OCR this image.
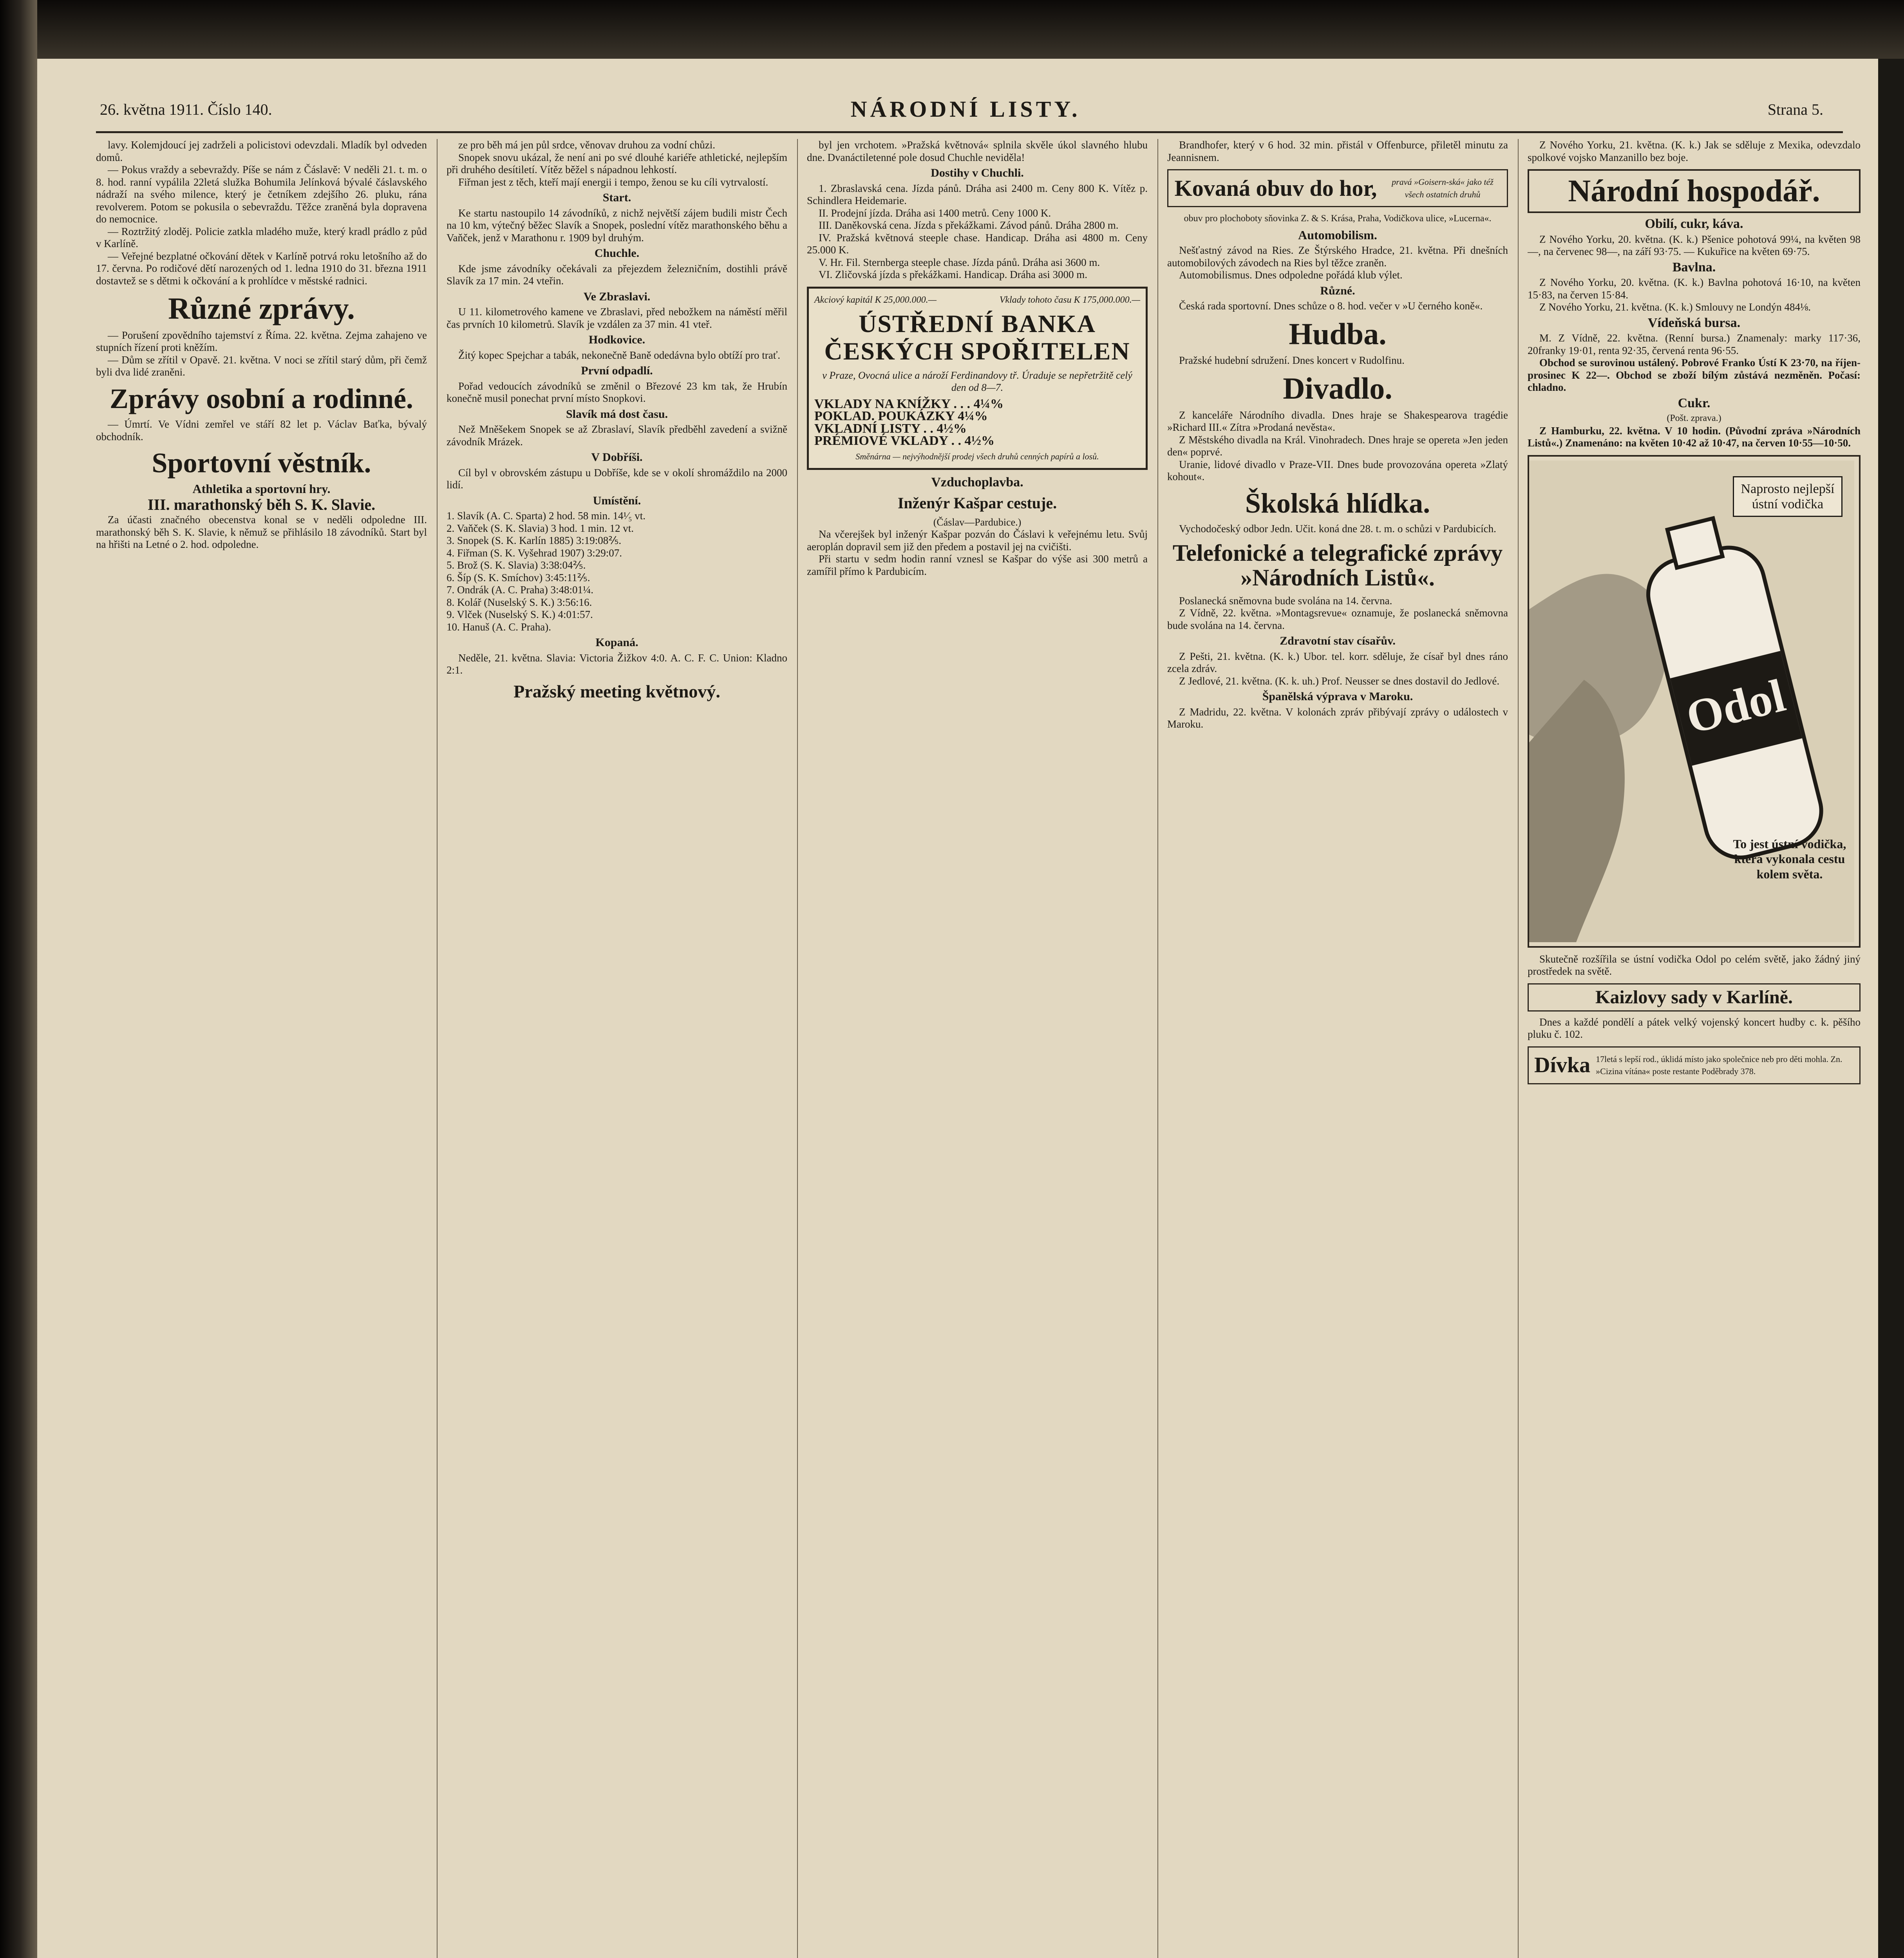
26. května 1911. Číslo 140.	NÁRODNÍ LISTY.	Strana 5.

lavy. Kolemjdoucí jej zadrželi a policistovi odevzdali. Mladík byl odveden domů.

— Pokus vraždy a sebevraždy. Píše se nám z Čáslavě: V neděli 21. t. m. o 8. hod. ranní vypálila 22letá služka Bohumila Jelínková bývalé čáslavského nádraží na svého milence, který je četníkem zdejšího 26. pluku, rána revolverem. Potom se pokusila o sebevraždu. Těžce zraněná byla dopravena do nemocnice.

— Roztržitý zloděj. Policie zatkla mladého muže, který kradl prádlo z půd v Karlíně.

— Veřejné bezplatné očkování dětek v Karlíně potrvá roku letošního až do 17. června. Po rodičové dětí narozených od 1. ledna 1910 do 31. března 1911 dostavtež se s dětmi k očkování a k prohlídce v městské radnici.

Různé zprávy.

— Porušení zpovědního tajemství z Říma. 22. května. Zejma zahajeno ve stupních řízení proti kněžím.

— Dům se zřítil v Opavě. 21. května. V noci se zřítil starý dům, při čemž byli dva lidé zraněni.

Zprávy osobní a rodinné.

— Úmrtí. Ve Vídni zemřel ve stáří 82 let p. Václav Baťka, bývalý obchodník.

Sportovní věstník.
Athletika a sportovní hry.
III. marathonský běh S. K. Slavie.

Za účasti značného obecenstva konal se v neděli odpoledne III. marathonský běh S. K. Slavie, k němuž se přihlásilo 18 závodníků. Start byl na hřišti na Letné o 2. hod. odpoledne.

ze pro běh má jen půl srdce, věnovav druhou za vodní chůzi.

Snopek snovu ukázal, že není ani po své dlouhé kariéře athletické, nejlepším při druhého desítiletí. Vítěz běžel s nápadnou lehkostí.

Fiřman jest z těch, kteří mají energii i tempo, ženou se ku cíli vytrvalostí.

Start.

Ke startu nastoupilo 14 závodníků, z nichž největší zájem budili mistr Čech na 10 km, výtečný běžec Slavík a Snopek, poslední vítěz marathonského běhu a Vaňček, jenž v Marathonu r. 1909 byl druhým.

Chuchle.

Kde jsme závodníky očekávali za přejezdem železničním, dostihli právě Slavík za 17 min. 24 vteřin.

Ve Zbraslavi.

U 11. kilometrového kamene ve Zbraslavi, před nebožkem na náměstí měřil čas prvních 10 kilometrů. Slavík je vzdálen za 37 min. 41 vteř.

Hodkovice.

Žitý kopec Spejchar a tabák, nekonečně Baně odedávna bylo obtíží pro trať.

První odpadlí.

Pořad vedoucích závodníků se změnil o Březové 23 km tak, že Hrubín konečně musil ponechat první místo Snopkovi.

Slavík má dost času.

Než Mněšekem Snopek se až Zbraslaví, Slavík předběhl zavedení a svižně závodník Mrázek.

V Dobříši.

Cíl byl v obrovském zástupu u Dobříše, kde se v okolí shromáždilo na 2000 lidí.

Umístění.
1. Slavík (A. C. Sparta) 2 hod. 58 min. 14¹⁄₅ vt.
2. Vaňček (S. K. Slavia) 3 hod. 1 min. 12 vt.
3. Snopek (S. K. Karlín 1885) 3:19:08⅖.
4. Fiřman (S. K. Vyšehrad 1907) 3:29:07.
5. Brož (S. K. Slavia) 3:38:04⅖.
6. Šíp (S. K. Smíchov) 3:45:11⅖.
7. Ondrák (A. C. Praha) 3:48:01¼.
8. Kolář (Nuselský S. K.) 3:56:16.
9. Vlček (Nuselský S. K.) 4:01:57.
10. Hanuš (A. C. Praha).
Kopaná.

Neděle, 21. května. Slavia: Victoria Žižkov 4:0. A. C. F. C. Union: Kladno 2:1.

Pražský meeting květnový.

byl jen vrchotem. »Pražská květnová« splnila skvěle úkol slavného hlubu dne. Dvanáctiletenné pole dosud Chuchle neviděla!

Dostihy v Chuchli.

1. Zbraslavská cena. Jízda pánů. Dráha asi 2400 m. Ceny 800 K. Vítěz p. Schindlera Heidemarie.

II. Prodejní jízda. Dráha asi 1400 metrů. Ceny 1000 K.

III. Daněkovská cena. Jízda s překážkami. Závod pánů. Dráha 2800 m.

IV. Pražská květnová steeple chase. Handicap. Dráha asi 4800 m. Ceny 25.000 K.

V. Hr. Fil. Sternberga steeple chase. Jízda pánů. Dráha asi 3600 m.

VI. Zličovská jízda s překážkami. Handicap. Dráha asi 3000 m.

Akciový kapitál K 25,000.000.—	Vklady tohoto času K 175,000.000.—
ÚSTŘEDNÍ BANKA ČESKÝCH SPOŘITELEN
v Praze, Ovocná ulice a nároží Ferdinandovy tř. Úraduje se nepřetržitě celý den od 8—7.
VKLADY NA KNÍŽKY . . . 4¼%
POKLAD. POUKÁZKY 4¼%
VKLADNÍ LISTY . . 4½%
PRÉMIOVÉ VKLADY . . 4½%
Směnárna — nejvýhodnější prodej všech druhů cenných papírů a losů.
Vzduchoplavba.
Inženýr Kašpar cestuje.
(Čáslav—Pardubice.)

Na včerejšek byl inženýr Kašpar pozván do Čáslavi k veřejnému letu. Svůj aeroplán dopravil sem již den předem a postavil jej na cvičišti.

Při startu v sedm hodin ranní vznesl se Kašpar do výše asi 300 metrů a zamířil přímo k Pardubicím.

Brandhofer, který v 6 hod. 32 min. přistál v Offenburce, přiletěl minutu za Jeannisnem.

Kovaná obuv do hor,	pravá »Goisern-ská« jako též všech ostatních druhů
obuv pro plochoboty sňovinka Z. & S. Krása, Praha, Vodičkova ulice, »Lucerna«.
Automobilism.

Nešťastný závod na Ries. Ze Štýrského Hradce, 21. května. Při dnešních automobilových závodech na Ries byl těžce zraněn.

Automobilismus. Dnes odpoledne pořádá klub výlet.

Různé.

Česká rada sportovní. Dnes schůze o 8. hod. večer v »U černého koně«.

Hudba.

Pražské hudební sdružení. Dnes koncert v Rudolfinu.

Divadlo.

Z kanceláře Národního divadla. Dnes hraje se Shakespearova tragédie »Richard III.« Zítra »Prodaná nevěsta«.

Z Městského divadla na Král. Vinohradech. Dnes hraje se opereta »Jen jeden den« poprvé.

Uranie, lidové divadlo v Praze-VII. Dnes bude provozována opereta »Zlatý kohout«.

Školská hlídka.

Vychodočeský odbor Jedn. Učit. koná dne 28. t. m. o schůzi v Pardubicích.

Telefonické a telegrafické zprávy »Národních Listů«.

Poslanecká sněmovna bude svolána na 14. června.

Z Vídně, 22. května. »Montagsrevue« oznamuje, že poslanecká sněmovna bude svolána na 14. června.

Zdravotní stav císařův.

Z Pešti, 21. května. (K. k.) Ubor. tel. korr. sděluje, že císař byl dnes ráno zcela zdráv.

Z Jedlové, 21. května. (K. k. uh.) Prof. Neusser se dnes dostavil do Jedlové.

Španělská výprava v Maroku.

Z Madridu, 22. května. V kolonách zpráv přibývají zprávy o událostech v Maroku.

Z Nového Yorku, 21. května. (K. k.) Jak se sděluje z Mexika, odevzdalo spolkové vojsko Manzanillo bez boje.

Národní hospodář.
Obilí, cukr, káva.

Z Nového Yorku, 20. května. (K. k.) Pšenice pohotová 99¼, na květen 98—, na červenec 98—, na září 93·75. — Kukuřice na květen 69·75.

Bavlna.

Z Nového Yorku, 20. května. (K. k.) Bavlna pohotová 16·10, na květen 15·83, na červen 15·84.

Z Nového Yorku, 21. května. (K. k.) Smlouvy ne Londýn 484⅛.

Vídeňská bursa.

M. Z Vídně, 22. května. (Renní bursa.) Znamenaly: marky 117·36, 20franky 19·01, renta 92·35, červená renta 96·55.

Obchod se surovinou ustálený. Pobrové Franko Ústí K 23·70, na říjen-prosinec K 22—. Obchod se zboží bílým zůstává nezměněn. Počasí: chladno.

Cukr.
(Pošt. zprava.)

Z Hamburku, 22. května. V 10 hodin. (Původní zpráva »Národních Listů«.) Znamenáno: na květen 10·42 až 10·47, na červen 10·55—10·50.

Odol
Naprosto nejlepší ústní vodička
To jest ústní vodička, která vykonala cestu kolem světa.

Skutečně rozšířila se ústní vodička Odol po celém světě, jako žádný jiný prostředek na světě.

Kaizlovy sady v Karlíně.

Dnes a každé pondělí a pátek velký vojenský koncert hudby c. k. pěšího pluku č. 102.

Dívka 17letá s lepší rod., úklidá místo jako společnice neb pro děti mohla. Zn. »Cizina vítána« poste restante Poděbrady 378.
